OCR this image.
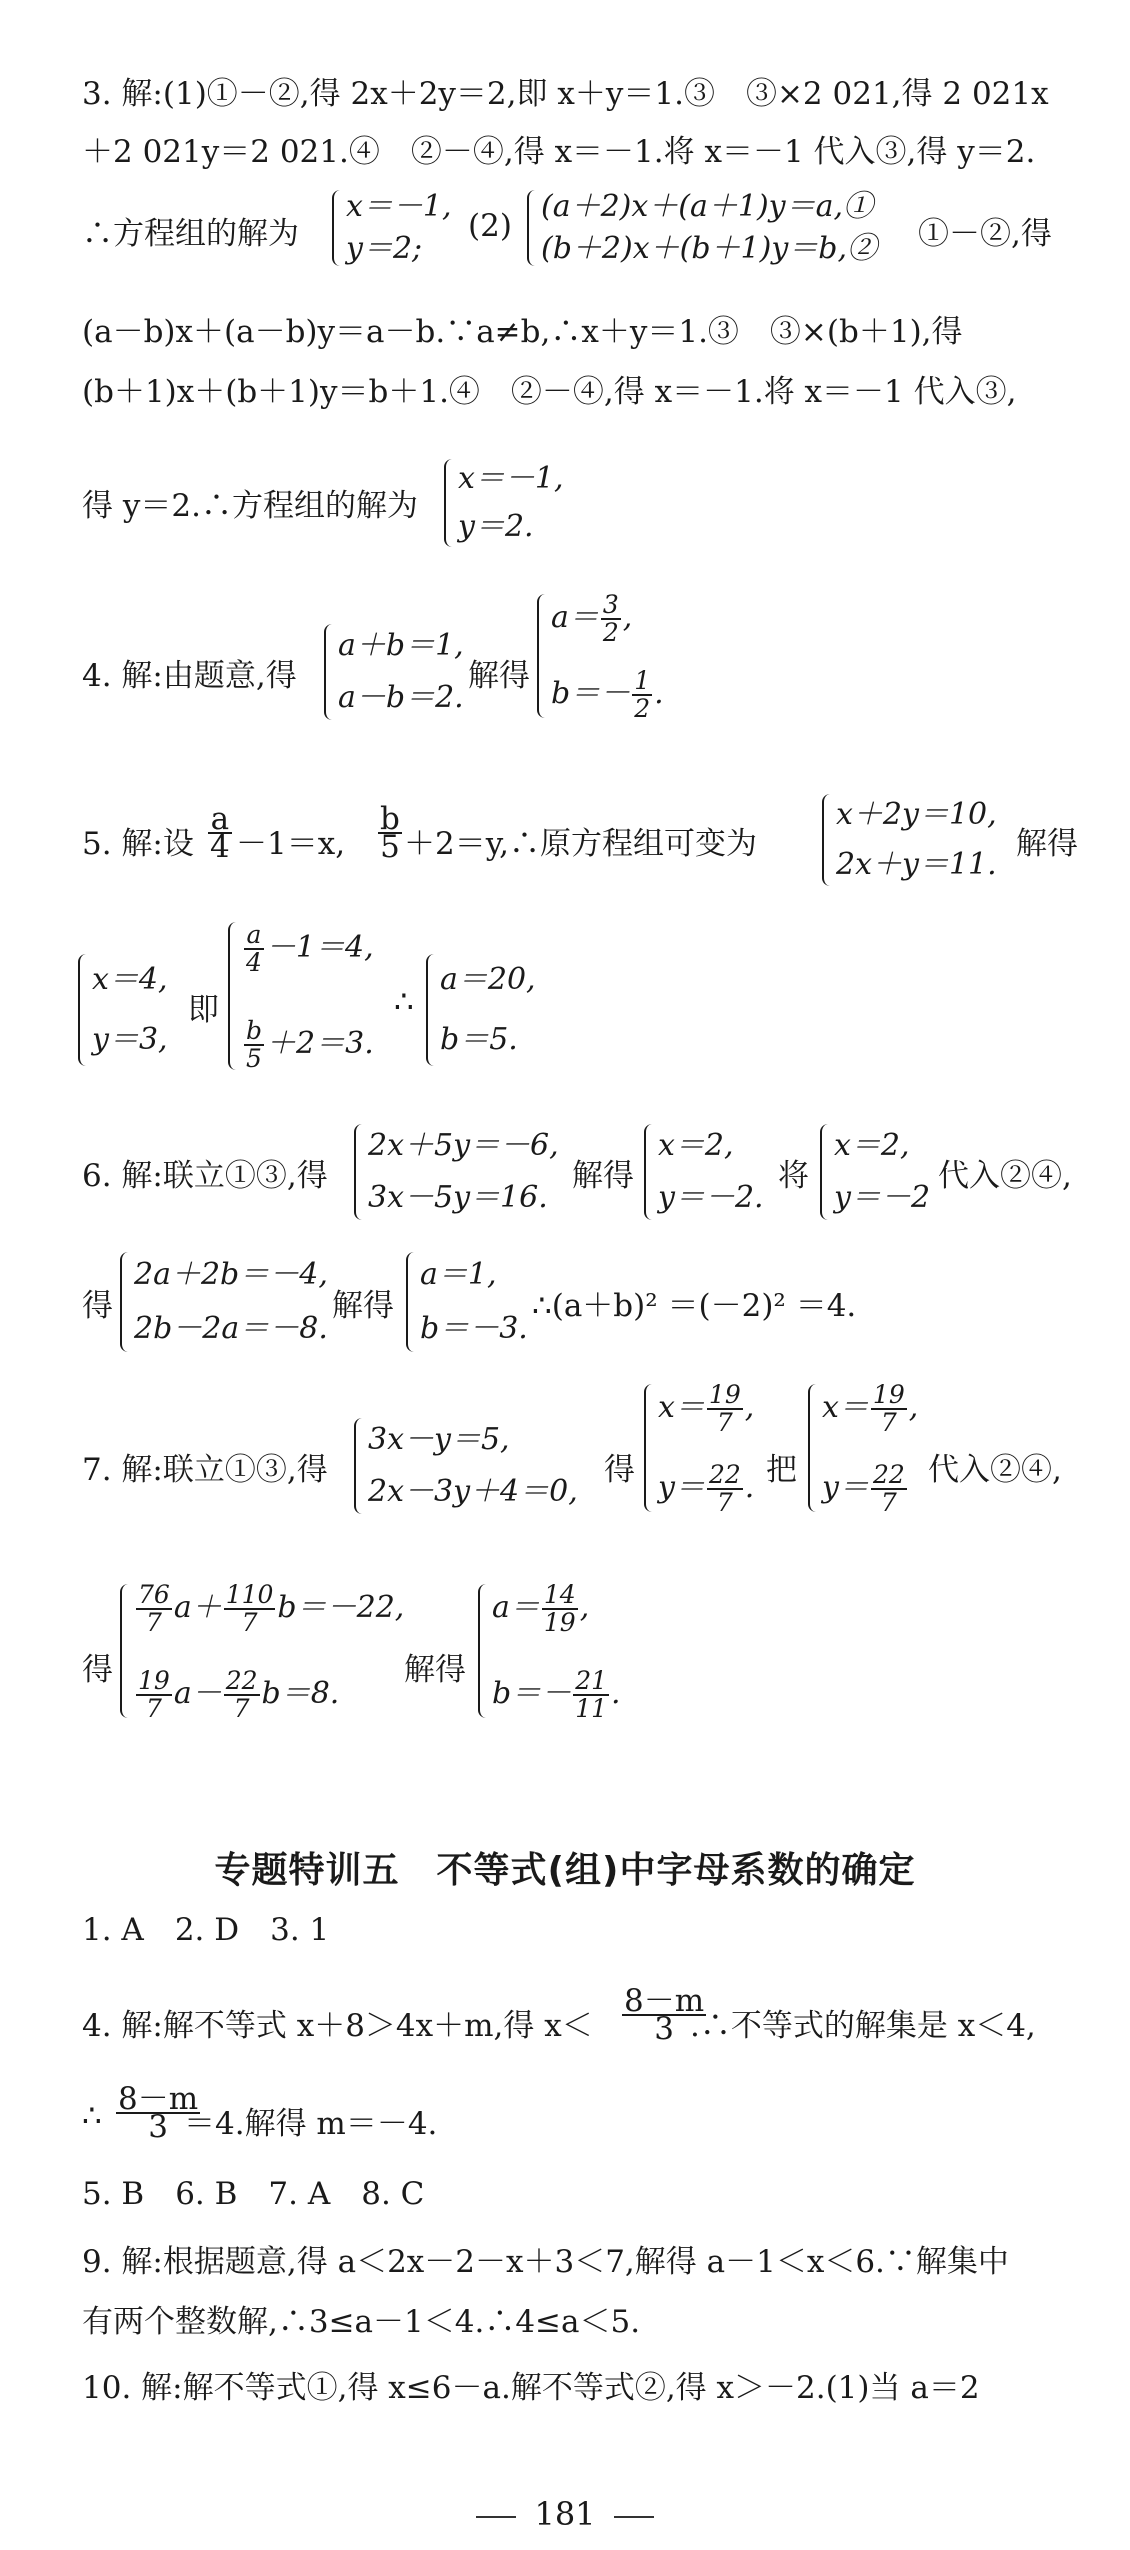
3. 解:(1)①－②,得 2x＋2y＝2,即 x＋y＝1.③　③×2 021,得 2 021x
＋2 021y＝2 021.④　②－④,得 x＝－1.将 x＝－1 代入③,得 y＝2.
∴方程组的解为
x＝－1,
y＝2;
(2)
(a＋2)x＋(a＋1)y＝a,①
(b＋2)x＋(b＋1)y＝b,② ①－②,得
(a－b)x＋(a－b)y＝a－b.∵a≠b,∴x＋y＝1.③　③×(b＋1),得
(b＋1)x＋(b＋1)y＝b＋1.④　②－④,得 x＝－1.将 x＝－1 代入③,
得 y＝2.∴方程组的解为
x＝－1,
y＝2.
4. 解:由题意,得
a＋b＝1,
a－b＝2.
解得
$a= \frac{3}{2}$ ,
$b=- \frac{1}{2}$ .
5. 解:设 $\frac{a}{4} -1=x$, $\frac{b}{5}$ ＋2＝y,∴原方程组可变为
x＋2y＝10,
2x＋y＝11.
解得
x＝4,
y＝3,
即
$\frac{a}{4} -1=4$,
$\frac{b}{5} +2=3$.
∴
a＝20,
b＝5.
6. 解:联立①③,得
2x＋5y＝－6,
3x－5y＝16.
解得
x＝2,
y＝－2.
将
x＝2,
y＝－2
代入②④,
得
2a＋2b＝－4,
2b－2a＝－8.
解得
a＝1,
b＝－3.
∴(a＋b)² ＝(－2)² ＝4.
7. 解:联立①③,得
3x－y＝5,
2x－3y＋4＝0,
得
$x= \frac{19}{7}$ ,
$y= \frac{22}{7}$ . 把
$x= \frac{19}{7}$ ,
$y= \frac{22}{7}$ 代入②④,
得
$\frac{76}{7} a+ \frac{110}{7} b=-22$,
$\frac{19}{7} a- \frac{22}{7} b=8$.
解得
$a= \frac{14}{19}$ ,
$b=- \frac{21}{11}$ .
专题特训五　不等式(组)中字母系数的确定
1. A　2. D　3. 1
4. 解:解不等式 x＋8＞4x＋m,得 $x< \frac{8-m}{3}$
.∴不等式的解集是 x＜4,
∴ $\frac{8-m}{3}$
＝4.解得 m＝－4.
5. B　6. B　7. A　8. C
9. 解:根据题意,得 a＜2x－2－x＋3＜7,解得 a－1＜x＜6.∵解集中
有两个整数解,∴3≤a－1＜4.∴4≤a＜5.
10. 解:解不等式①,得 x≤6－a.解不等式②,得 x＞－2.(1)当 a＝2
181
